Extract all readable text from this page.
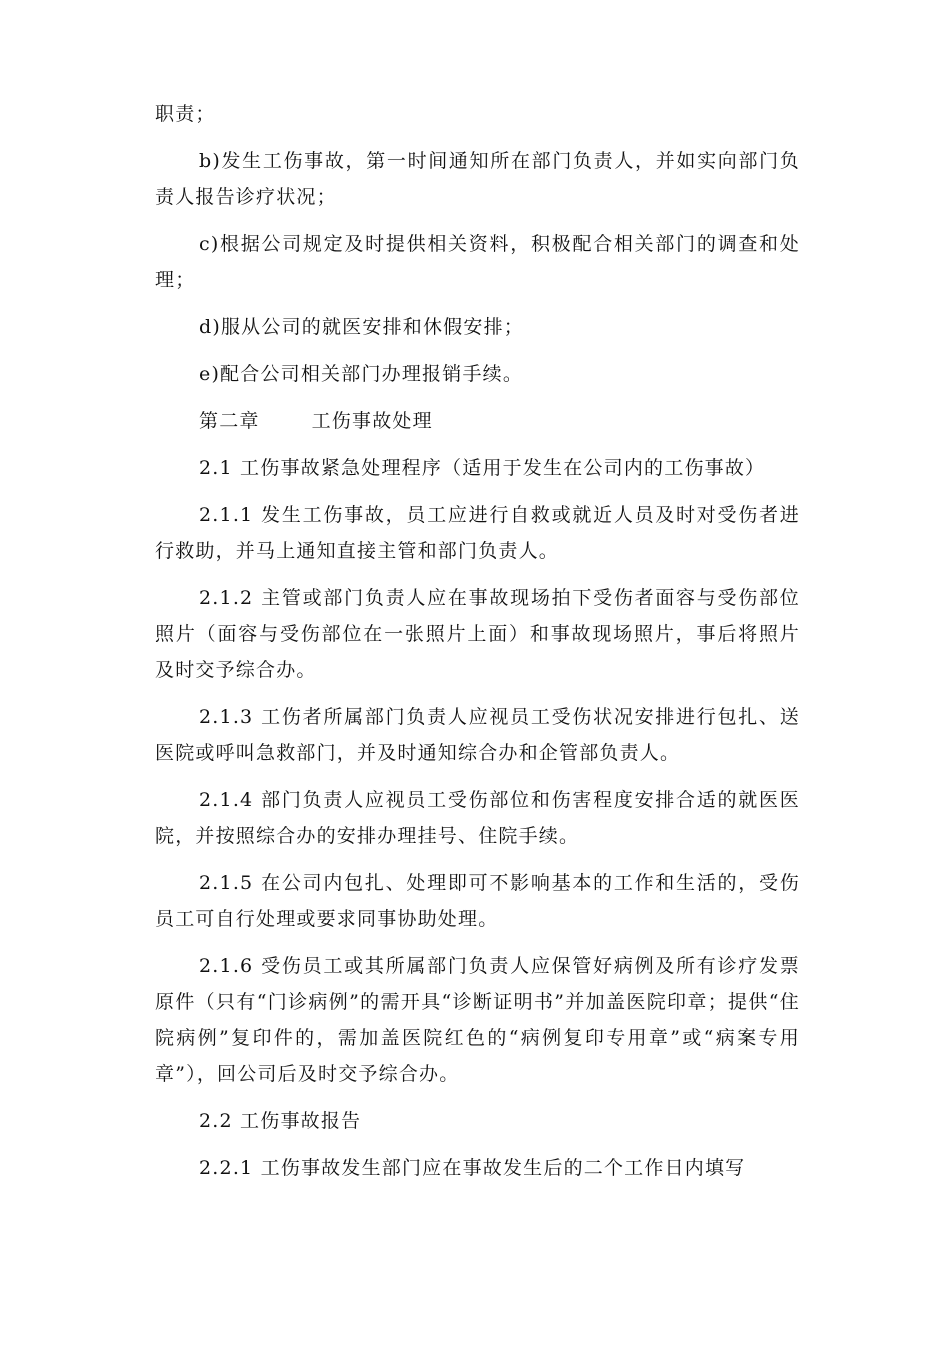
职责；

b)发生工伤事故，第一时间通知所在部门负责人，并如实向部门负责人报告诊疗状况；

c)根据公司规定及时提供相关资料，积极配合相关部门的调查和处理；

d)服从公司的就医安排和休假安排；

e)配合公司相关部门办理报销手续。

第二章	工伤事故处理

2.1 工伤事故紧急处理程序（适用于发生在公司内的工伤事故）

2.1.1 发生工伤事故，员工应进行自救或就近人员及时对受伤者进行救助，并马上通知直接主管和部门负责人。

2.1.2 主管或部门负责人应在事故现场拍下受伤者面容与受伤部位照片（面容与受伤部位在一张照片上面）和事故现场照片，事后将照片及时交予综合办。

2.1.3 工伤者所属部门负责人应视员工受伤状况安排进行包扎、送医院或呼叫急救部门，并及时通知综合办和企管部负责人。

2.1.4 部门负责人应视员工受伤部位和伤害程度安排合适的就医医院，并按照综合办的安排办理挂号、住院手续。

2.1.5 在公司内包扎、处理即可不影响基本的工作和生活的，受伤员工可自行处理或要求同事协助处理。

2.1.6 受伤员工或其所属部门负责人应保管好病例及所有诊疗发票原件（只有“门诊病例”的需开具“诊断证明书”并加盖医院印章；提供“住院病例”复印件的，需加盖医院红色的“病例复印专用章”或“病案专用章”），回公司后及时交予综合办。

2.2 工伤事故报告

2.2.1 工伤事故发生部门应在事故发生后的二个工作日内填写
